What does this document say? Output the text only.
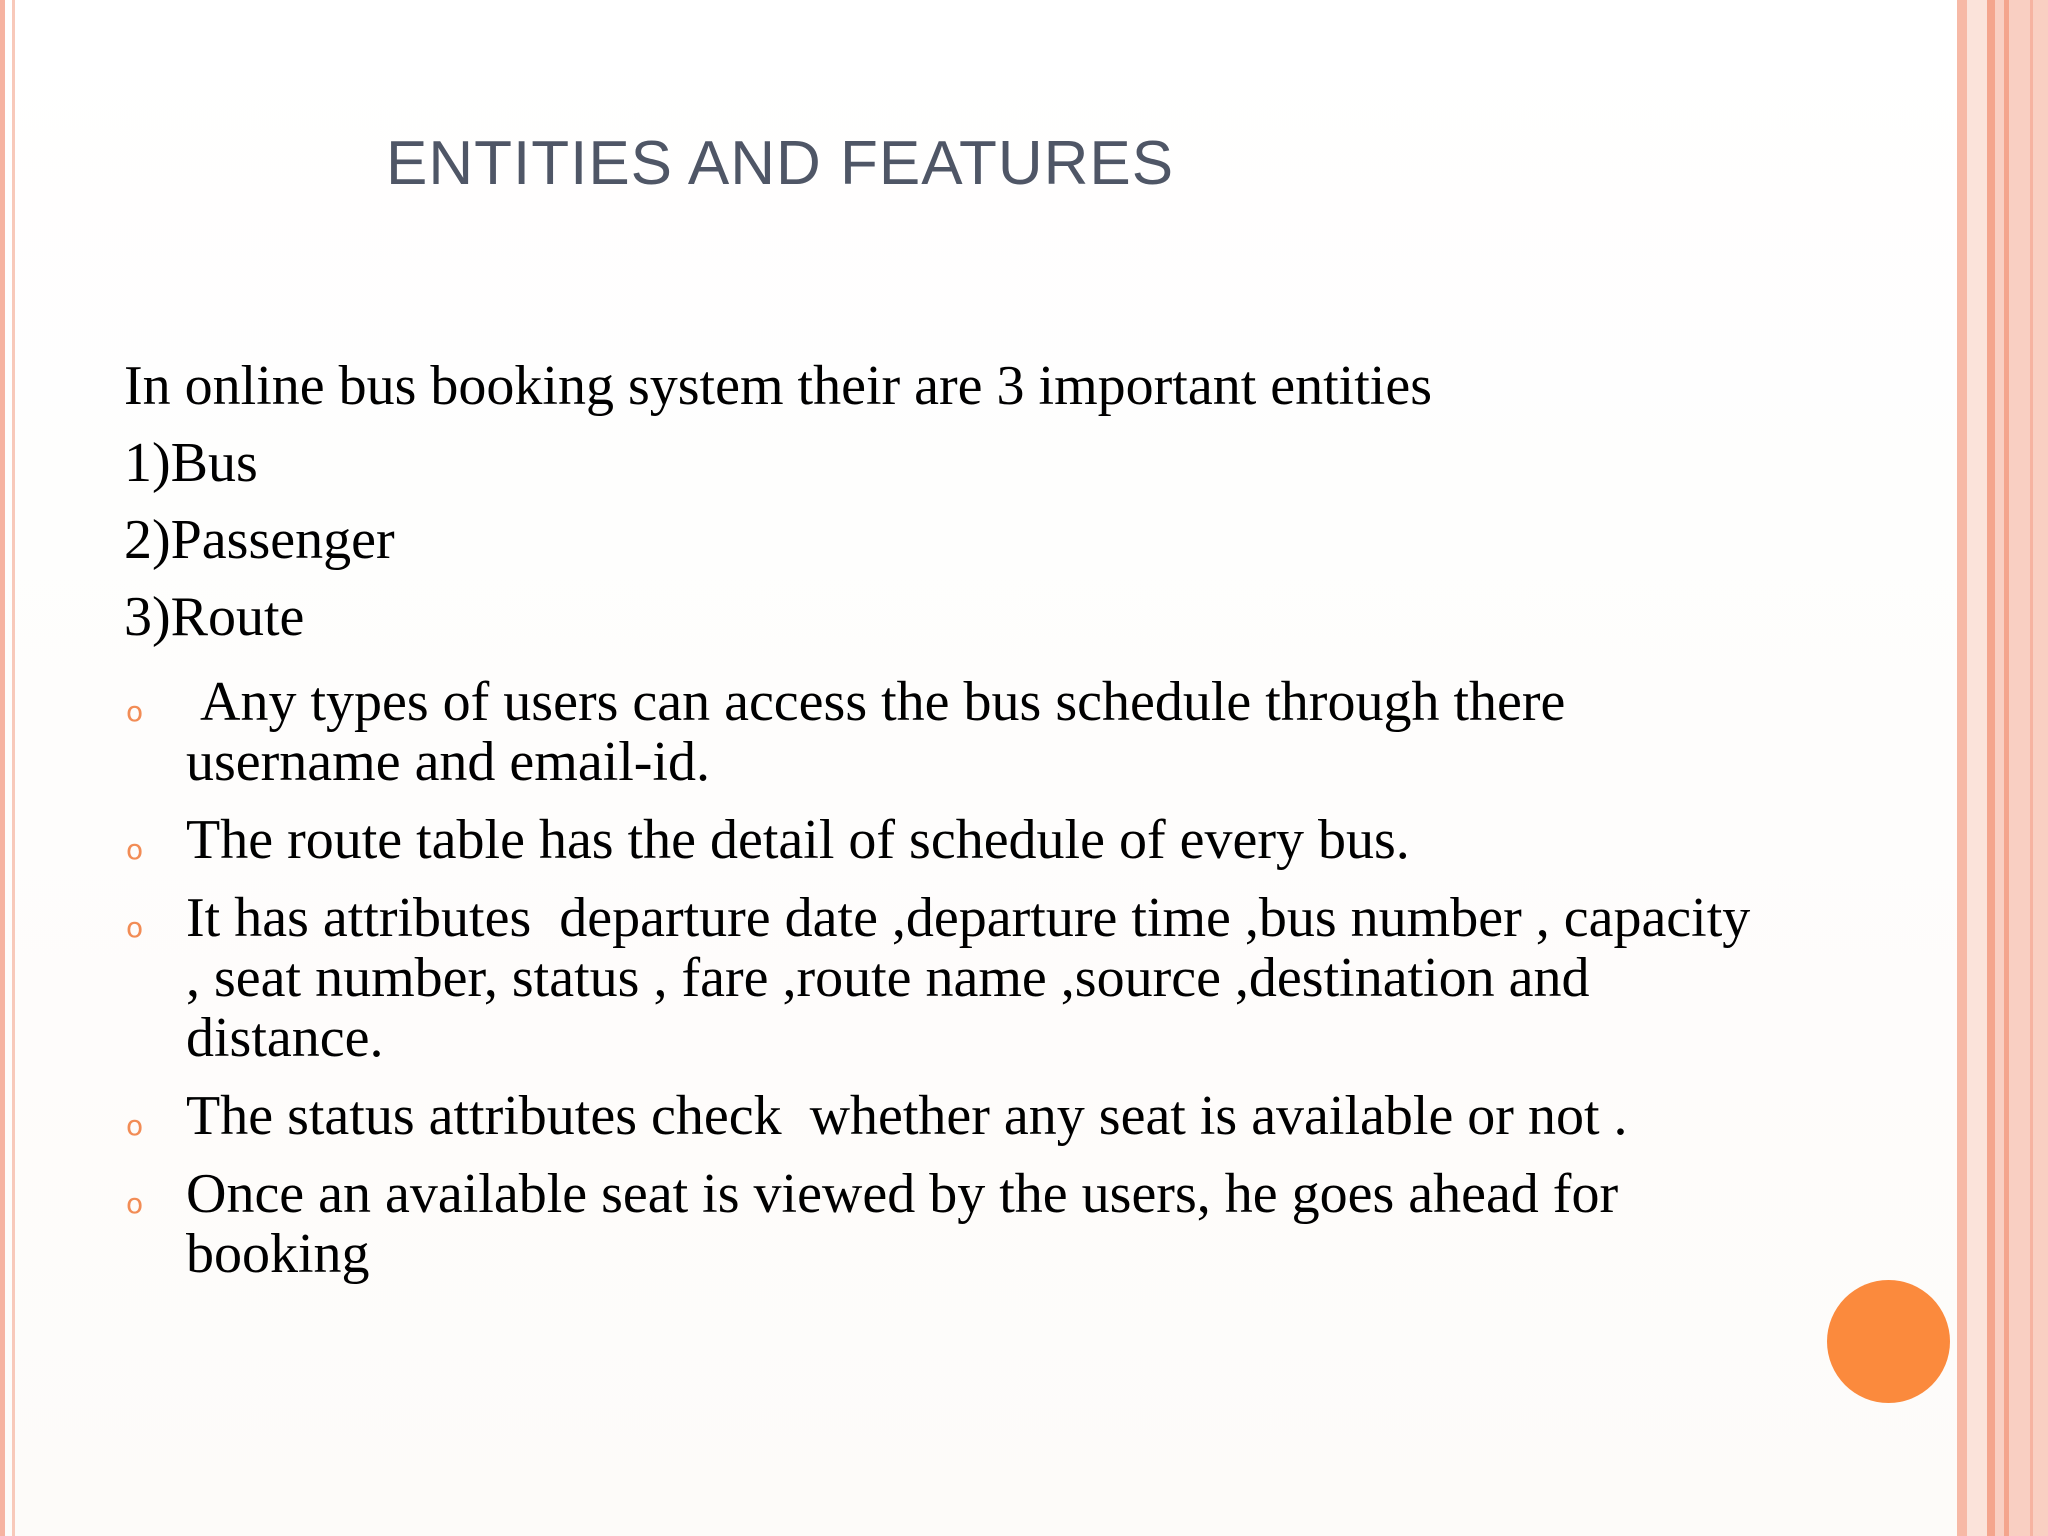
ENTITIES AND FEATURES
In online bus booking system their are 3 important entities
1)Bus
2)Passenger
3)Route
o Any types of users can access the bus schedule through there username and email-id.
o The route table has the detail of schedule of every bus.
o It has attributes  departure date ,departure time ,bus number , capacity , seat number, status , fare ,route name ,source ,destination and distance.
o The status attributes check  whether any seat is available or not .
o Once an available seat is viewed by the users, he goes ahead for booking
